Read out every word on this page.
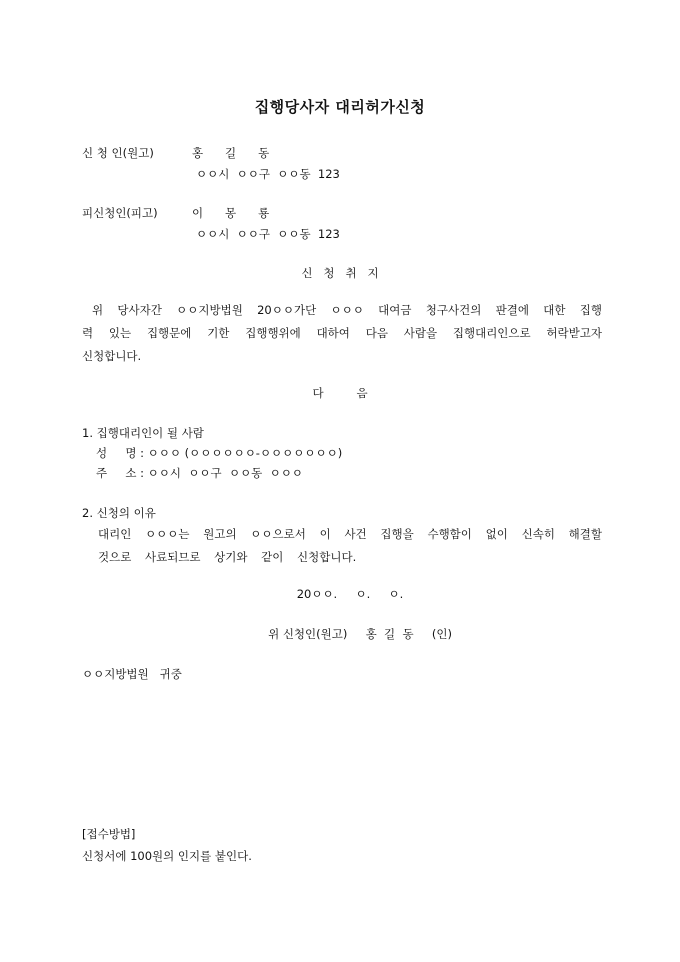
집행당사자 대리허가신청
신 청 인(원고)	홍      길      동
ㅇㅇ시  ㅇㅇ구  ㅇㅇ동  123
피신청인(피고)	이      몽      룡
ㅇㅇ시  ㅇㅇ구  ㅇㅇ동  123
신   청   취   지
위 당사자간 ㅇㅇ지방법원 20ㅇㅇ가단 ㅇㅇㅇ 대여금 청구사건의 판결에 대한 집행력 있는 집행문에 기한 집행행위에 대하여 다음 사람을 집행대리인으로 허락받고자 신청합니다.
다         음
1. 집행대리인이 될 사람
성     명 : ㅇㅇㅇ (ㅇㅇㅇㅇㅇㅇ-ㅇㅇㅇㅇㅇㅇㅇ)
주     소 : ㅇㅇ시  ㅇㅇ구  ㅇㅇ동  ㅇㅇㅇ
2. 신청의 이유
대리인 ㅇㅇㅇ는 원고의 ㅇㅇ으로서 이 사건 집행을 수행함이 없이 신속히 해결할 것으로 사료되므로 상기와 같이 신청합니다.
20ㅇㅇ.     ㅇ.     ㅇ.
위 신청인(원고)     홍  길  동     (인)
ㅇㅇ지방법원   귀중
[접수방법]
신청서에 100원의 인지를 붙인다.
